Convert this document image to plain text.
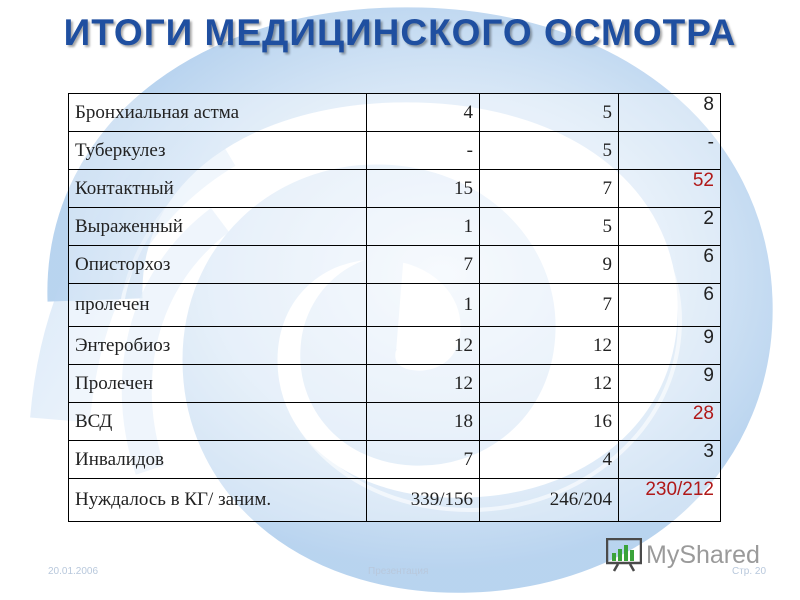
ИТОГИ МЕДИЦИНСКОГО ОСМОТРА
Бронхиальная астма	4	5	8
Туберкулез	-	5	-
Контактный	15	7	52
Выраженный	1	5	2
Описторхоз	7	9	6
пролечен	1	7	6
Энтеробиоз	12	12	9
Пролечен	12	12	9
ВСД	18	16	28
Инвалидов	7	4	3
Нуждалось в КГ/ заним.	339/156	246/204	230/212
20.01.2006	Презентация	Стр. 20
MyShared
